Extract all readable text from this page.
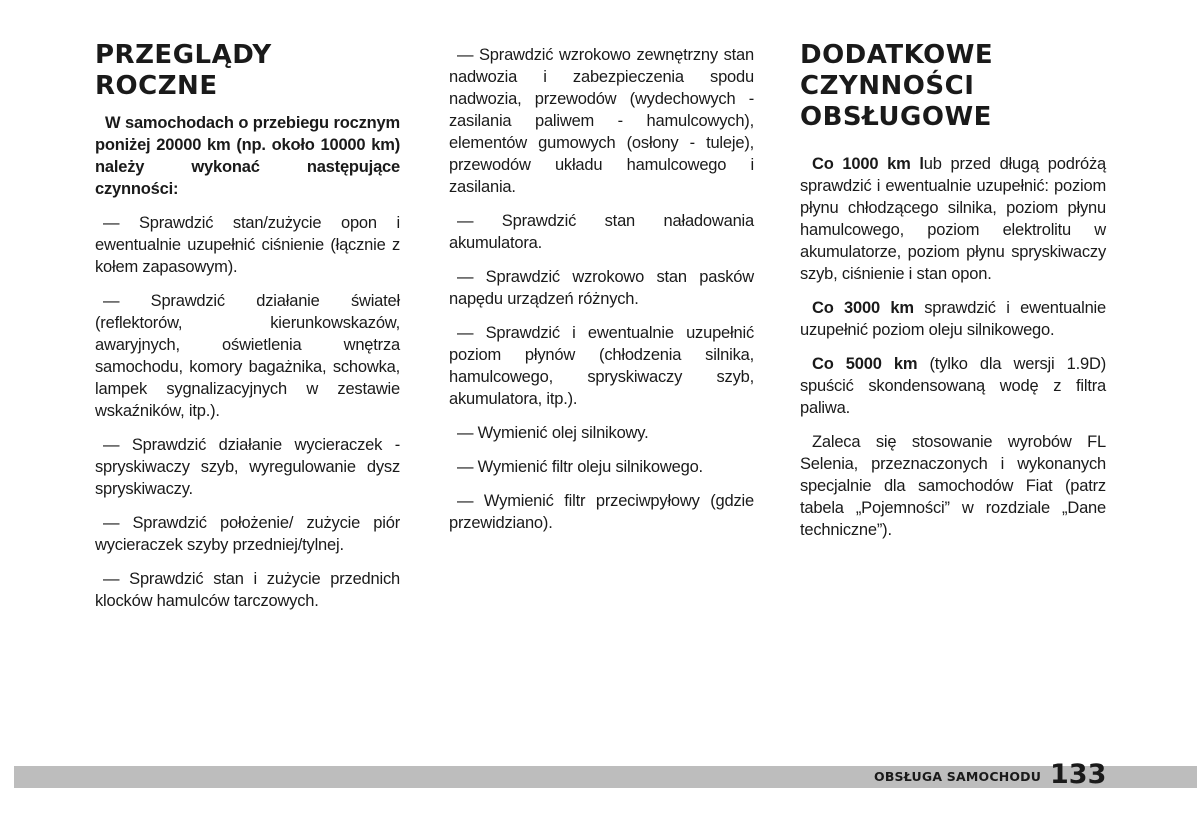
PRZEGLĄDY ROCZNE

W samochodach o przebiegu rocznym poniżej 20000 km (np. około 10000 km) należy wykonać następujące czynności:

— Sprawdzić stan/zużycie opon i ewentualnie uzupełnić ciśnienie (łącznie z kołem zapasowym).

— Sprawdzić działanie świateł (reflektorów, kierunkowskazów, awaryjnych, oświetlenia wnętrza samochodu, komory bagażnika, schowka, lampek sygnalizacyjnych w zestawie wskaźników, itp.).

— Sprawdzić działanie wycieraczek - spryskiwaczy szyb, wyregulowanie dysz spryskiwaczy.

— Sprawdzić położenie/ zużycie piór wycieraczek szyby przedniej/tylnej.

— Sprawdzić stan i zużycie przednich klocków hamulców tarczowych.

— Sprawdzić wzrokowo zewnętrzny stan nadwozia i zabezpieczenia spodu nadwozia, przewodów (wydechowych - zasilania paliwem - hamulcowych), elementów gumowych (osłony - tuleje), przewodów układu hamulcowego i zasilania.

— Sprawdzić stan naładowania akumulatora.

— Sprawdzić wzrokowo stan pasków napędu urządzeń różnych.

— Sprawdzić i ewentualnie uzupełnić poziom płynów (chłodzenia silnika, hamulcowego, spryskiwaczy szyb, akumulatora, itp.).

— Wymienić olej silnikowy.

— Wymienić filtr oleju silnikowego.

— Wymienić filtr przeciwpyłowy (gdzie przewidziano).

DODATKOWE CZYNNOŚCI OBSŁUGOWE

Co 1000 km lub przed długą podróżą sprawdzić i ewentualnie uzupełnić: poziom płynu chłodzącego silnika, poziom płynu hamulcowego, poziom elektrolitu w akumulatorze, poziom płynu spryskiwaczy szyb, ciśnienie i stan opon.

Co 3000 km sprawdzić i ewentualnie uzupełnić poziom oleju silnikowego.

Co 5000 km (tylko dla wersji 1.9D) spuścić skondensowaną wodę z filtra paliwa.

Zaleca się stosowanie wyrobów FL Selenia, przeznaczonych i wykonanych specjalnie dla samochodów Fiat (patrz tabela „Pojemności” w rozdziale „Dane techniczne”).

OBSŁUGA SAMOCHODU 133
